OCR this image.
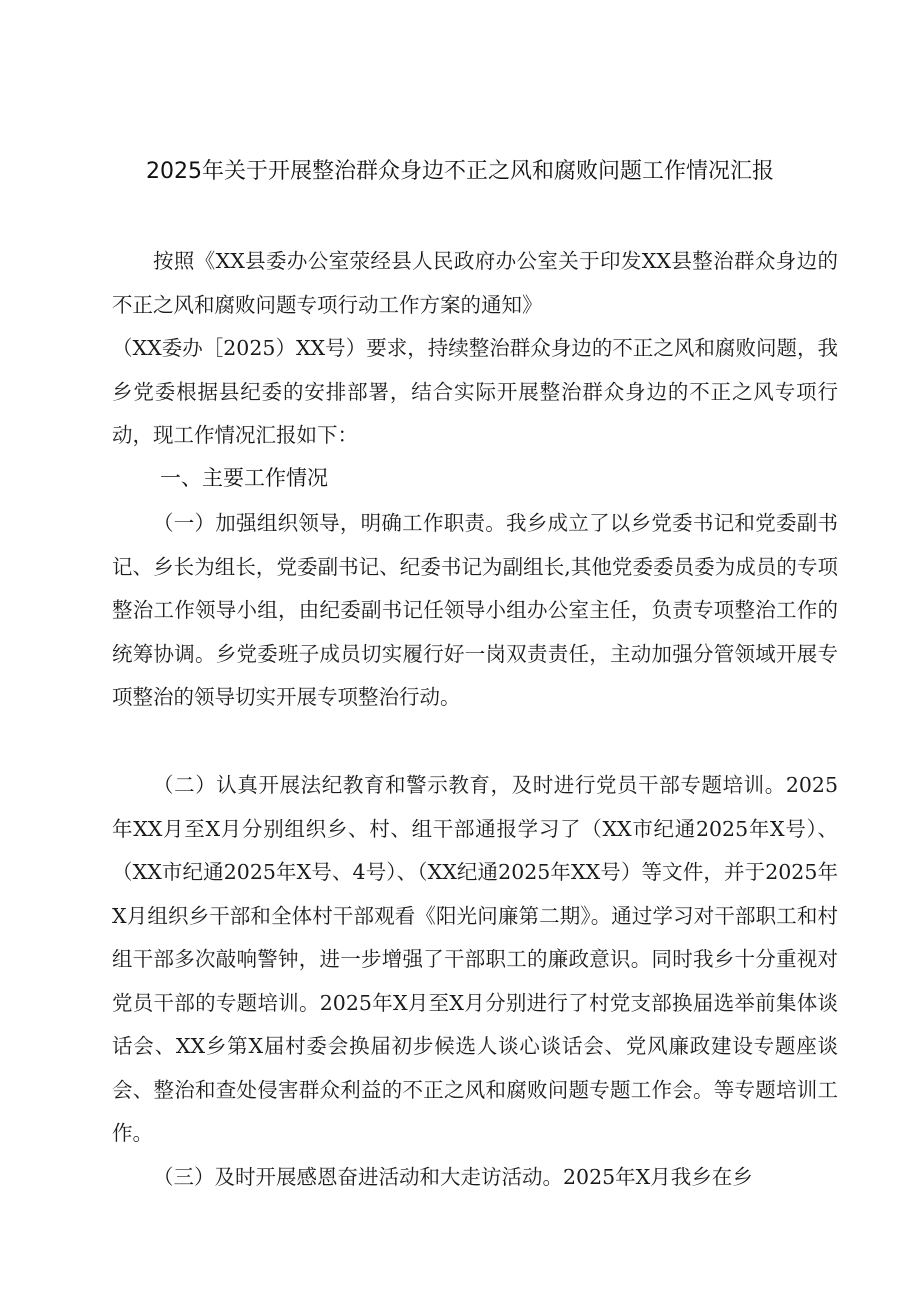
2025年关于开展整治群众身边不正之风和腐败问题工作情况汇报

按照《XX县委办公室荥经县人民政府办公室关于印发XX县整治群众身边的不正之风和腐败问题专项行动工作方案的通知》

（XX委办［2025）XX号）要求，持续整治群众身边的不正之风和腐败问题，我乡党委根据县纪委的安排部署，结合实际开展整治群众身边的不正之风专项行动，现工作情况汇报如下：

一、主要工作情况

（一）加强组织领导，明确工作职责。我乡成立了以乡党委书记和党委副书记、乡长为组长，党委副书记、纪委书记为副组长,其他党委委员委为成员的专项整治工作领导小组，由纪委副书记任领导小组办公室主任，负责专项整治工作的统筹协调。乡党委班子成员切实履行好一岗双责责任，主动加强分管领域开展专项整治的领导切实开展专项整治行动。

（二）认真开展法纪教育和警示教育，及时进行党员干部专题培训。2025年XX月至X月分别组织乡、村、组干部通报学习了（XX市纪通2025年X号）、（XX市纪通2025年X号、4号）、（XX纪通2025年XX号）等文件，并于2025年X月组织乡干部和全体村干部观看《阳光问廉第二期》。通过学习对干部职工和村组干部多次敲响警钟，进一步增强了干部职工的廉政意识。同时我乡十分重视对党员干部的专题培训。2025年X月至X月分别进行了村党支部换届选举前集体谈话会、XX乡第X届村委会换届初步候选人谈心谈话会、党风廉政建设专题座谈会、整治和查处侵害群众利益的不正之风和腐败问题专题工作会。等专题培训工作。

（三）及时开展感恩奋进活动和大走访活动。2025年X月我乡在乡
